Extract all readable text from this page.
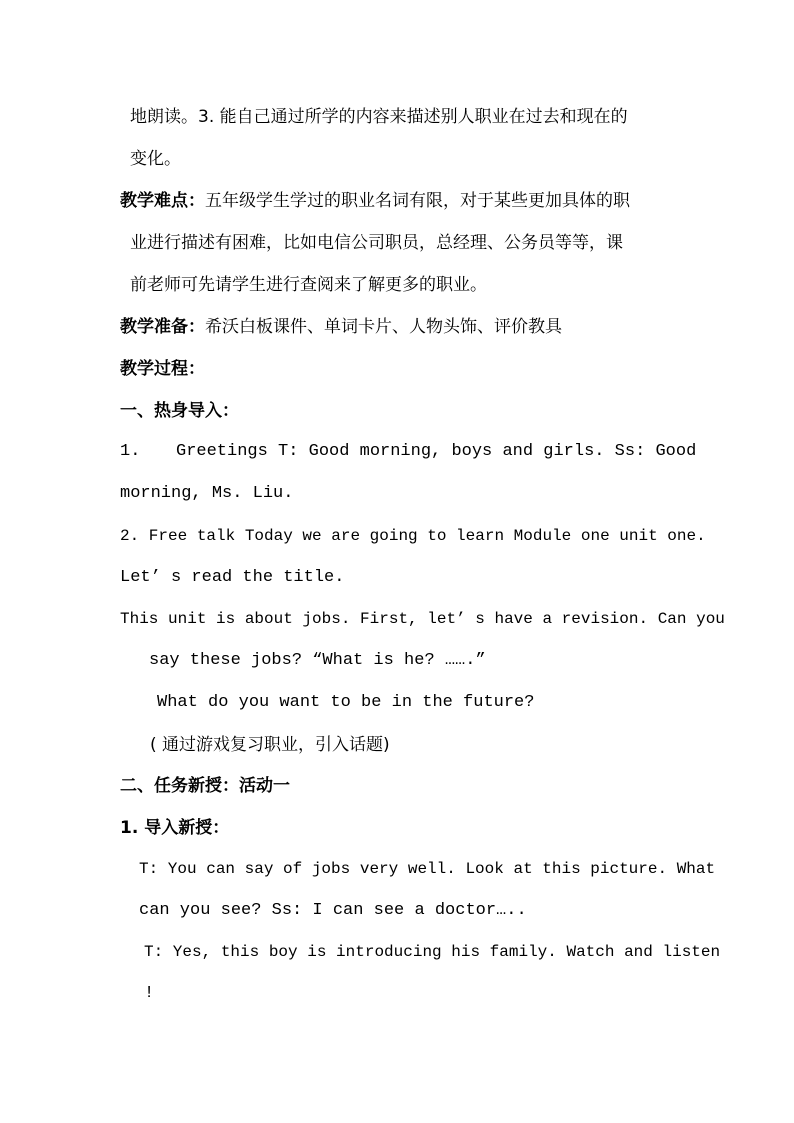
地朗读。3. 能自己通过所学的内容来描述别人职业在过去和现在的
变化。
教学难点：五年级学生学过的职业名词有限，对于某些更加具体的职
业进行描述有困难，比如电信公司职员，总经理、公务员等等，课
前老师可先请学生进行查阅来了解更多的职业。
教学准备：希沃白板课件、单词卡片、人物头饰、评价教具
教学过程：
一、热身导入：
1. Greetings T: Good morning, boys and girls. Ss: Good
morning, Ms. Liu.
2. Free talk Today we are going to learn Module one unit one.
Let’ s read the title.
This unit is about jobs. First, let’ s have a revision. Can you
say these jobs? “What is he? …….”
What do you want to be in the future?
( 通过游戏复习职业，引入话题)
二、任务新授：活动一
1. 导入新授：
T: You can say of jobs very well. Look at this picture. What
can you see? Ss: I can see a doctor…..
T: Yes, this boy is introducing his family. Watch and listen
!
